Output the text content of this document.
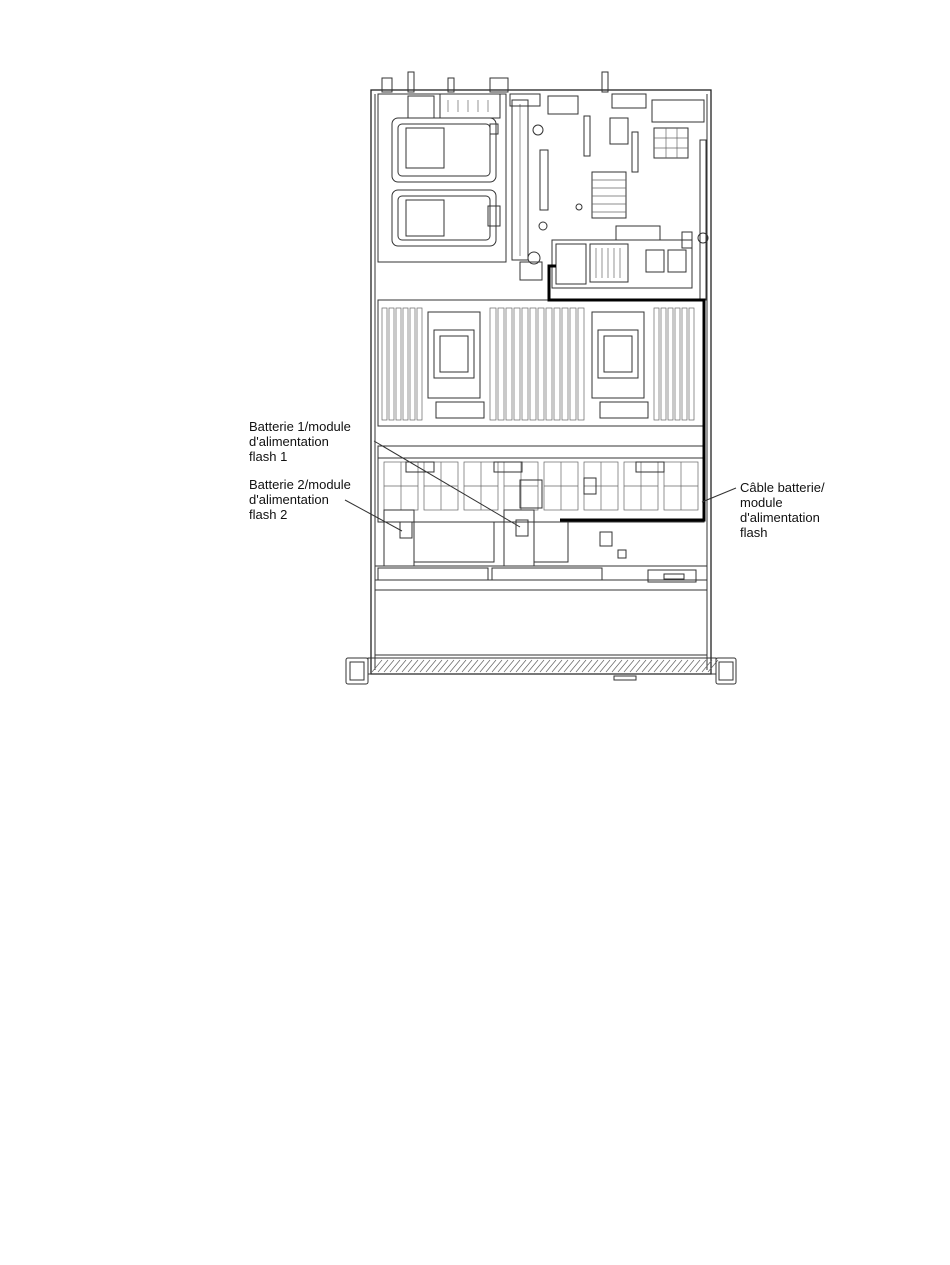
Batterie 1/module
d'alimentation
flash 1
Batterie 2/module
d'alimentation
flash 2
Câble batterie/
module
d'alimentation
flash
